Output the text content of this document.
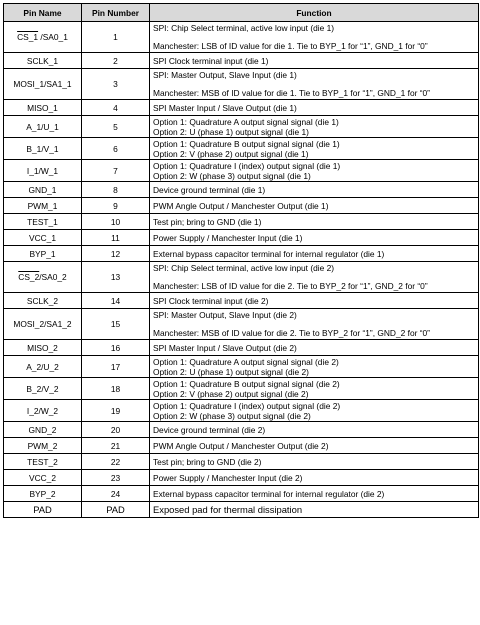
Pin Name	Pin Number	Function
CS_1 /SA0_1	1	SPI: Chip Select terminal, active low input (die 1)
Manchester: LSB of ID value for die 1. Tie to BYP_1 for “1”, GND_1 for “0”

SCLK_1	2	SPI Clock terminal input (die 1)

MOSI_1/SA1_1	3	SPI: Master Output, Slave Input (die 1)
Manchester: MSB of ID value for die 1. Tie to BYP_1 for “1”, GND_1 for “0”

MISO_1	4	SPI Master Input / Slave Output (die 1)

A_1/U_1	5	Option 1: Quadrature A output signal signal (die 1)
Option 2: U (phase 1) output signal (die 1)

B_1/V_1	6	Option 1: Quadrature B output signal signal (die 1)
Option 2: V (phase 2) output signal (die 1)

I_1/W_1	7	Option 1: Quadrature I (index) output signal (die 1)
Option 2: W (phase 3) output signal (die 1)

GND_1	8	Device ground terminal (die 1)

PWM_1	9	PWM Angle Output / Manchester Output (die 1)

TEST_1	10	Test pin; bring to GND (die 1)

VCC_1	11	Power Supply / Manchester Input (die 1)

BYP_1	12	External bypass capacitor terminal for internal regulator (die 1)

CS_2/SA0_2	13	SPI: Chip Select terminal, active low input (die 2)
Manchester: LSB of ID value for die 2. Tie to BYP_2 for “1”, GND_2 for “0”

SCLK_2	14	SPI Clock terminal input (die 2)

MOSI_2/SA1_2	15	SPI: Master Output, Slave Input (die 2)
Manchester: MSB of ID value for die 2. Tie to BYP_2 for “1”, GND_2 for “0”

MISO_2	16	SPI Master Input / Slave Output (die 2)

A_2/U_2	17	Option 1: Quadrature A output signal signal (die 2)
Option 2: U (phase 1) output signal (die 2)

B_2/V_2	18	Option 1: Quadrature B output signal signal (die 2)
Option 2: V (phase 2) output signal (die 2)

I_2/W_2	19	Option 1: Quadrature I (index) output signal (die 2)
Option 2: W (phase 3) output signal (die 2)

GND_2	20	Device ground terminal (die 2)

PWM_2	21	PWM Angle Output / Manchester Output (die 2)

TEST_2	22	Test pin; bring to GND (die 2)

VCC_2	23	Power Supply / Manchester Input (die 2)

BYP_2	24	External bypass capacitor terminal for internal regulator (die 2)

PAD	PAD	Exposed pad for thermal dissipation
